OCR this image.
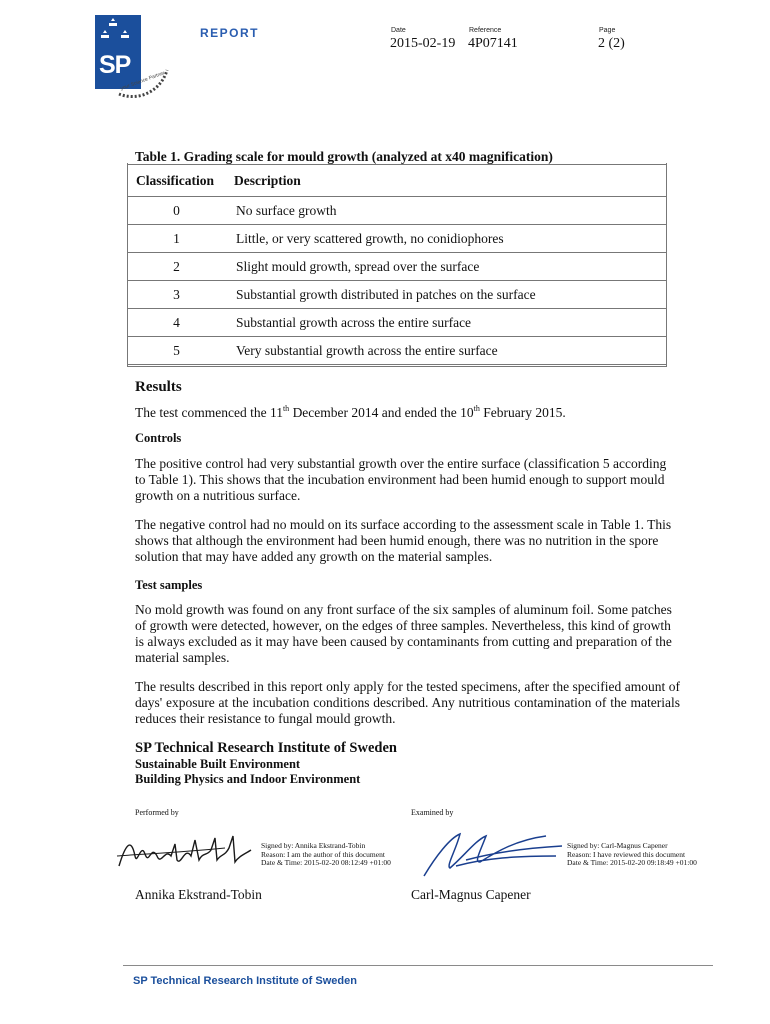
SP
your Science Partner
REPORT	Date
2015-02-19
Reference
4P07141
Page
2 (2)
Table 1. Grading scale for mould growth (analyzed at x40 magnification)
Classification	Description
0	No surface growth
1	Little, or very scattered growth, no conidiophores
2	Slight mould growth, spread over the surface
3	Substantial growth distributed in patches on the surface
4	Substantial growth across the entire surface
5	Very substantial growth across the entire surface
Results
The test commenced the 11th December 2014 and ended the 10th February 2015.
Controls
The positive control had very substantial growth over the entire surface (classification 5 according to Table 1). This shows that the incubation environment had been humid enough to support mould growth on a nutritious surface.
The negative control had no mould on its surface according to the assessment scale in Table 1. This shows that although the environment had been humid enough, there was no nutrition in the spore solution that may have added any growth on the material samples.
Test samples
No mold growth was found on any front surface of the six samples of aluminum foil. Some patches of growth were detected, however, on the edges of three samples. Nevertheless, this kind of growth is always excluded as it may have been caused by contaminants from cutting and preparation of the material samples.
The results described in this report only apply for the tested specimens, after the specified amount of days' exposure at the incubation conditions described. Any nutritious contamination of the materials reduces their resistance to fungal mould growth.
SP Technical Research Institute of Sweden
Sustainable Built Environment
Building Physics and Indoor Environment
Performed by	Examined by
Signed by: Annika Ekstrand-Tobin
Reason: I am the author of this document
Date & Time: 2015-02-20 08:12:49 +01:00
Signed by: Carl-Magnus Capener
Reason: I have reviewed this document
Date & Time: 2015-02-20 09:18:49 +01:00
Annika Ekstrand-Tobin	Carl-Magnus Capener
SP Technical Research Institute of Sweden
